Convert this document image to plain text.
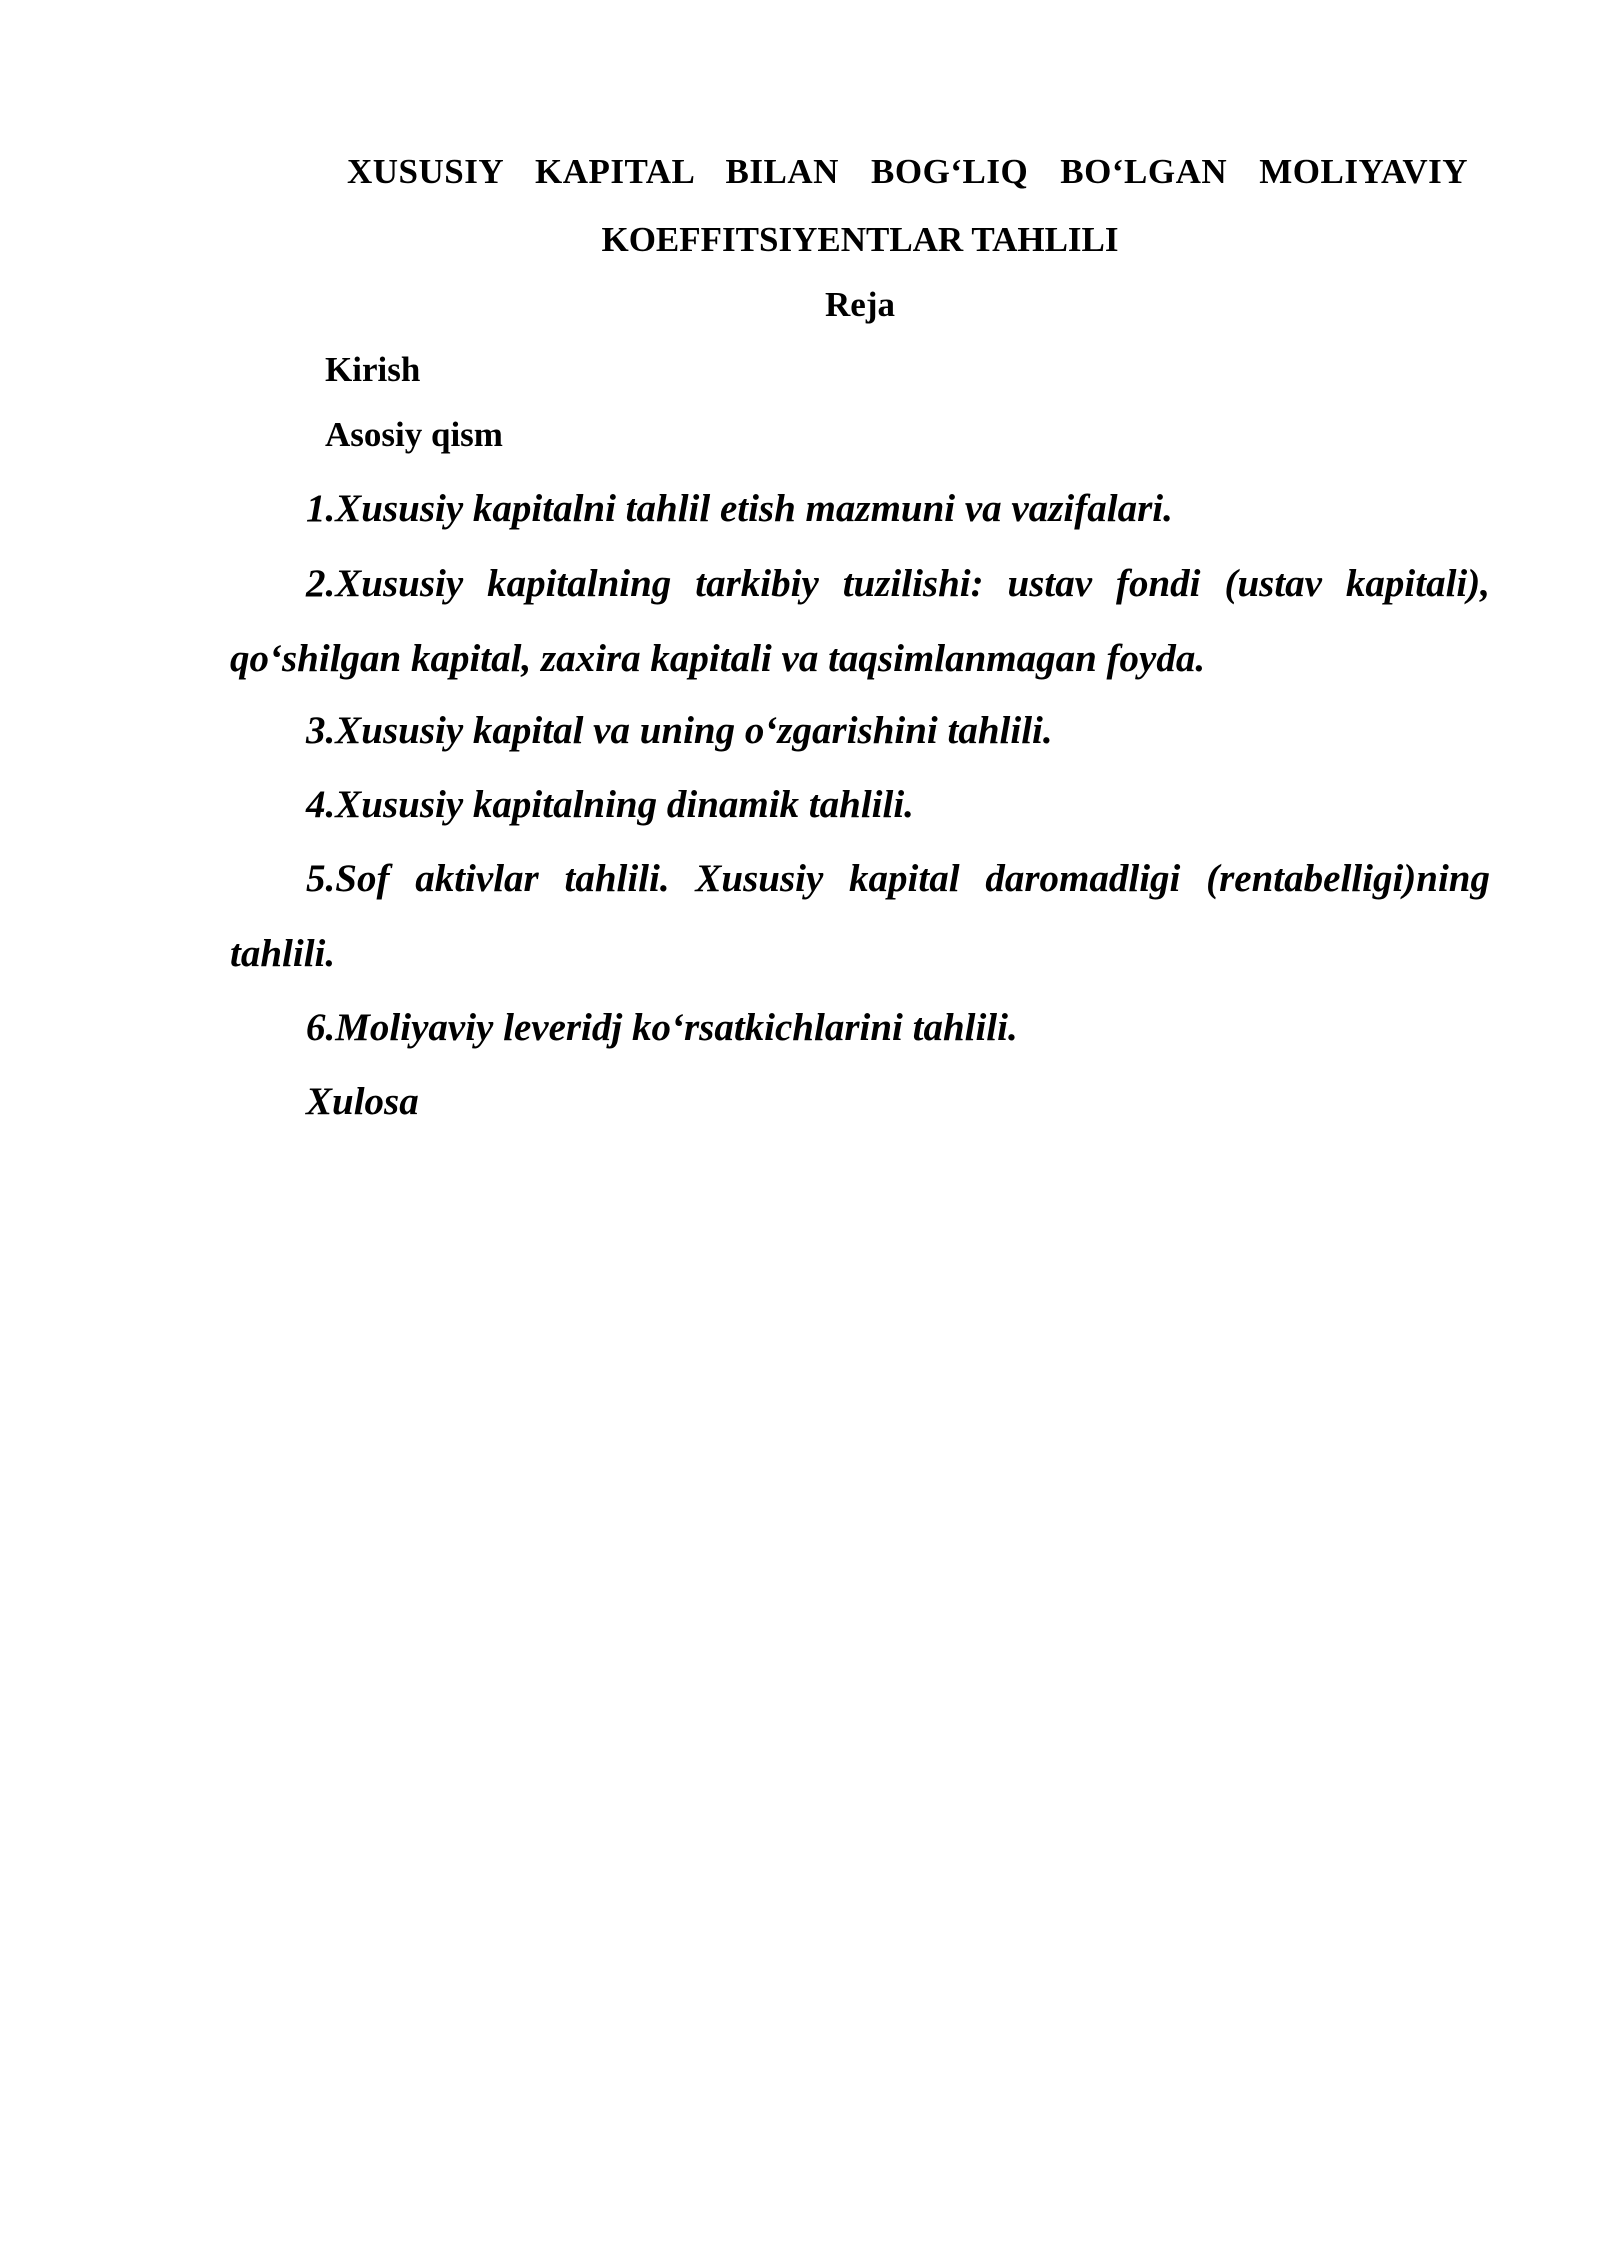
XUSUSIY KAPITAL BILAN BOG‘LIQ BO‘LGAN MOLIYAVIY
KOEFFITSIYENTLAR TAHLILI
Reja
Kirish
Asosiy qism
1.Xususiy kapitalni tahlil etish mazmuni va vazifalari.
2.Xususiy kapitalning tarkibiy tuzilishi: ustav fondi (ustav kapitali), qo‘shilgan kapital, zaxira kapitali va taqsimlanmagan foyda.
3.Xususiy kapital va uning o‘zgarishini tahlili.
4.Xususiy kapitalning dinamik tahlili.
5.Sof aktivlar tahlili. Xususiy kapital daromadligi (rentabelligi)ning tahlili.
6.Moliyaviy leveridj ko‘rsatkichlarini tahlili.
Xulosa
